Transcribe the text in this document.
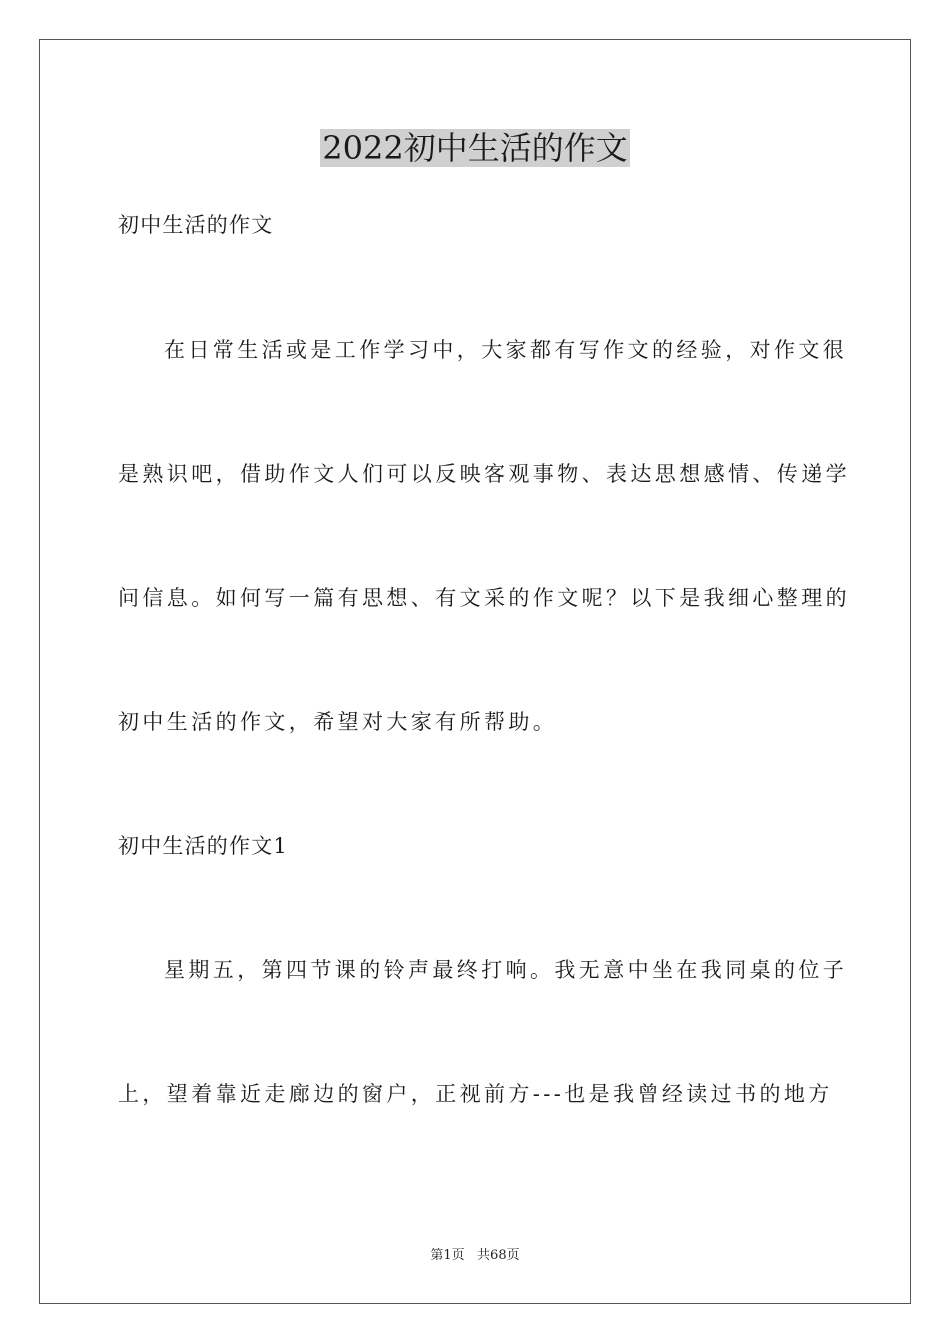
2022初中生活的作文
初中生活的作文
在日常生活或是工作学习中，大家都有写作文的经验，对作文很
是熟识吧，借助作文人们可以反映客观事物、表达思想感情、传递学
问信息。如何写一篇有思想、有文采的作文呢？以下是我细心整理的
初中生活的作文，希望对大家有所帮助。
初中生活的作文1
星期五，第四节课的铃声最终打响。我无意中坐在我同桌的位子
上，望着靠近走廊边的窗户，正视前方---也是我曾经读过书的地方
第1页   共68页
